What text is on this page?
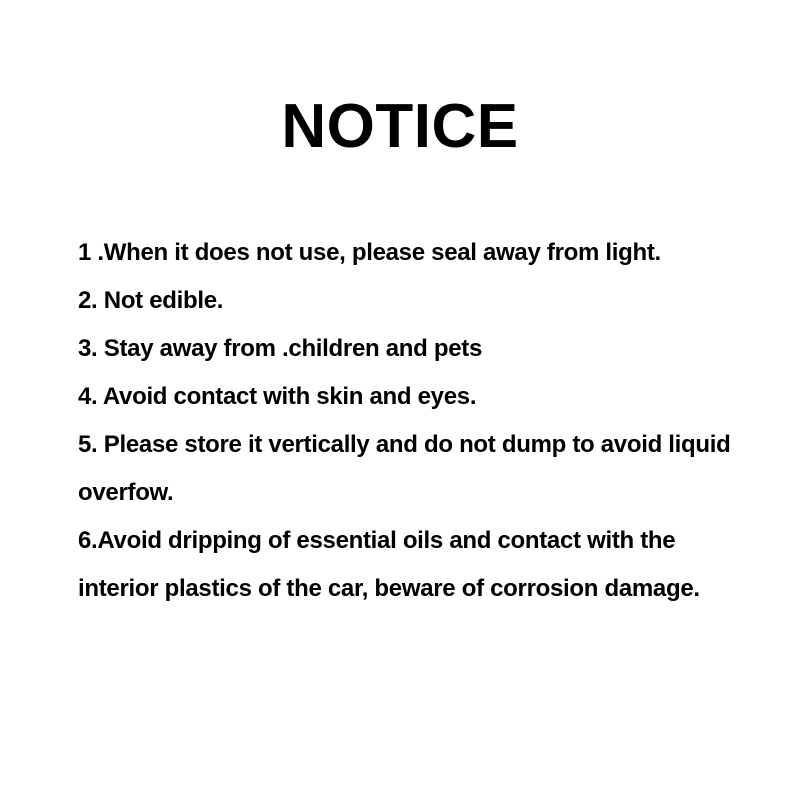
NOTICE

1 .When it does not use, please seal away from light.

2. Not edible.

3. Stay away from .children and pets

4. Avoid contact with skin and eyes.

5. Please store it vertically and do not dump to avoid liquid overfow.

6.Avoid dripping of essential oils and contact with the interior plastics of the car, beware of corrosion damage.
